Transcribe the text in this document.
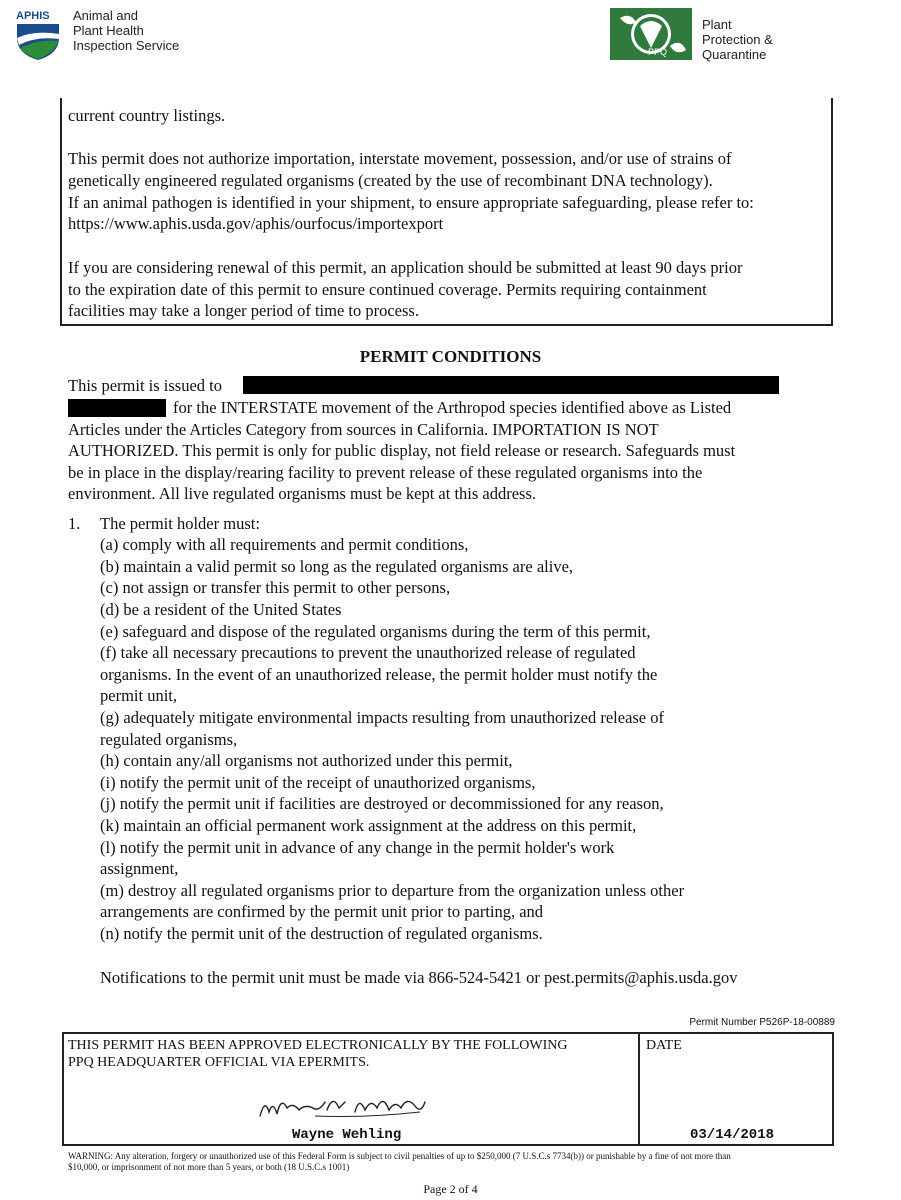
APHIS Animal and
Plant Health
Inspection Service	PPQ
Plant
Protection &
Quarantine
current country listings.
This permit does not authorize importation, interstate movement, possession, and/or use of strains of
genetically engineered regulated organisms (created by the use of recombinant DNA technology).
If an animal pathogen is identified in your shipment, to ensure appropriate safeguarding, please refer to:
https://www.aphis.usda.gov/aphis/ourfocus/importexport
If you are considering renewal of this permit, an application should be submitted at least 90 days prior
to the expiration date of this permit to ensure continued coverage. Permits requiring containment
facilities may take a longer period of time to process.
PERMIT CONDITIONS
This permit is issued to
for the INTERSTATE movement of the Arthropod species identified above as Listed
Articles under the Articles Category from sources in California. IMPORTATION IS NOT
AUTHORIZED. This permit is only for public display, not field release or research. Safeguards must
be in place in the display/rearing facility to prevent release of these regulated organisms into the
environment. All live regulated organisms must be kept at this address.
1. The permit holder must:
(a) comply with all requirements and permit conditions,
(b) maintain a valid permit so long as the regulated organisms are alive,
(c) not assign or transfer this permit to other persons,
(d) be a resident of the United States
(e) safeguard and dispose of the regulated organisms during the term of this permit,
(f) take all necessary precautions to prevent the unauthorized release of regulated
organisms. In the event of an unauthorized release, the permit holder must notify the
permit unit,
(g) adequately mitigate environmental impacts resulting from unauthorized release of
regulated organisms,
(h) contain any/all organisms not authorized under this permit,
(i) notify the permit unit of the receipt of unauthorized organisms,
(j) notify the permit unit if facilities are destroyed or decommissioned for any reason,
(k) maintain an official permanent work assignment at the address on this permit,
(l) notify the permit unit in advance of any change in the permit holder's work
assignment,
(m) destroy all regulated organisms prior to departure from the organization unless other
arrangements are confirmed by the permit unit prior to parting, and
(n) notify the permit unit of the destruction of regulated organisms.
Notifications to the permit unit must be made via 866-524-5421 or pest.permits@aphis.usda.gov
Permit Number P526P-18-00889
THIS PERMIT HAS BEEN APPROVED ELECTRONICALLY BY THE FOLLOWING
PPQ HEADQUARTER OFFICIAL VIA EPERMITS.
DATE
Wayne Wehling	03/14/2018
WARNING: Any alteration, forgery or unauthorized use of this Federal Form is subject to civil penalties of up to $250,000 (7 U.S.C.s 7734(b)) or punishable by a fine of not more than
$10,000, or imprisonment of not more than 5 years, or both (18 U.S.C.s 1001)
Page 2 of 4
